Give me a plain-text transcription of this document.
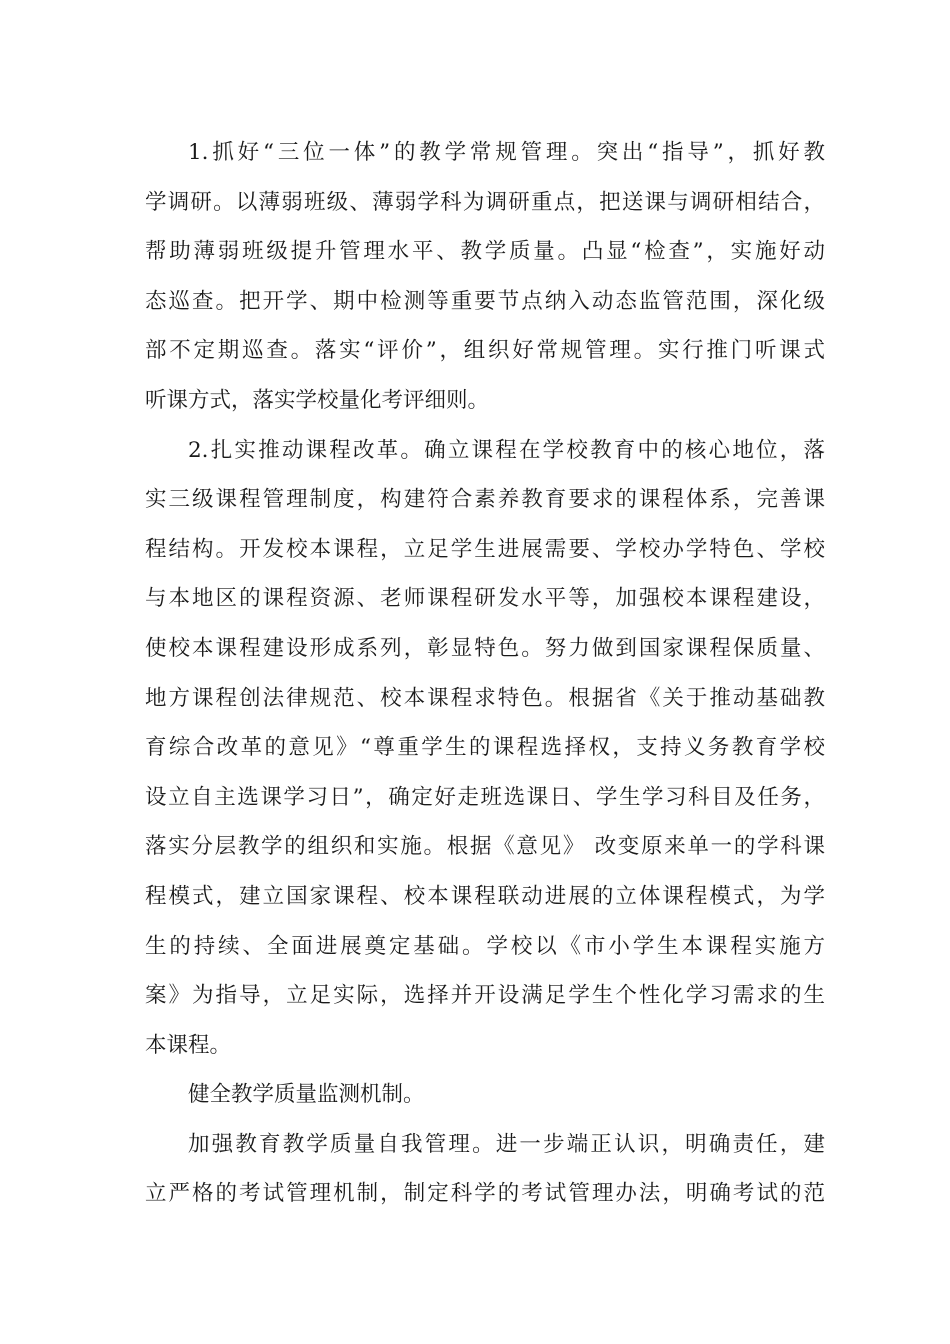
1.抓好“三位一体”的教学常规管理。突出“指导”，抓好教
学调研。以薄弱班级、薄弱学科为调研重点，把送课与调研相结合，
帮助薄弱班级提升管理水平、教学质量。凸显“检查”，实施好动
态巡查。把开学、期中检测等重要节点纳入动态监管范围，深化级
部不定期巡查。落实“评价”，组织好常规管理。实行推门听课式
听课方式，落实学校量化考评细则。
2.扎实推动课程改革。确立课程在学校教育中的核心地位，落
实三级课程管理制度，构建符合素养教育要求的课程体系，完善课
程结构。开发校本课程，立足学生进展需要、学校办学特色、学校
与本地区的课程资源、老师课程研发水平等，加强校本课程建设，
使校本课程建设形成系列，彰显特色。努力做到国家课程保质量、
地方课程创法律规范、校本课程求特色。根据省《关于推动基础教
育综合改革的意见》“尊重学生的课程选择权，支持义务教育学校
设立自主选课学习日”，确定好走班选课日、学生学习科目及任务，
落实分层教学的组织和实施。根据《意见》 改变原来单一的学科课
程模式，建立国家课程、校本课程联动进展的立体课程模式，为学
生的持续、全面进展奠定基础。学校以《市小学生本课程实施方
案》为指导，立足实际，选择并开设满足学生个性化学习需求的生
本课程。
健全教学质量监测机制。
加强教育教学质量自我管理。进一步端正认识，明确责任，建
立严格的考试管理机制，制定科学的考试管理办法，明确考试的范
